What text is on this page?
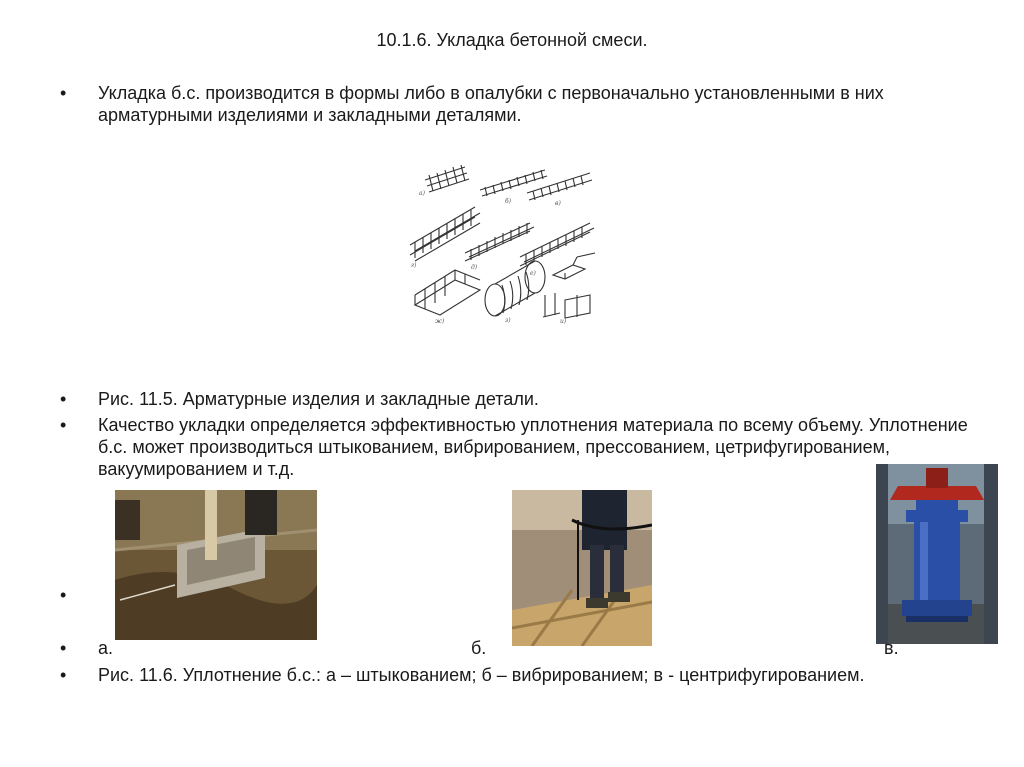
10.1.6. Укладка бетонной смеси.
• Укладка б.с. производится в формы либо в опалубки с первоначально установленными в них арматурными изделиями и закладными деталями.
а)
б)	в)
г)	д)
е)
ж)	з)	и)
• Рис. 11.5. Арматурные изделия и закладные детали.
• Качество укладки определяется эффективностью уплотнения материала по всему объему. Уплотнение б.с. может производиться штыкованием, вибрированием, прессованием, цетрифугированием, вакуумированием и т.д.
•
• а.	б.	в.
• Рис. 11.6. Уплотнение б.с.: а – штыкованием; б – вибрированием; в - центрифугированием.
